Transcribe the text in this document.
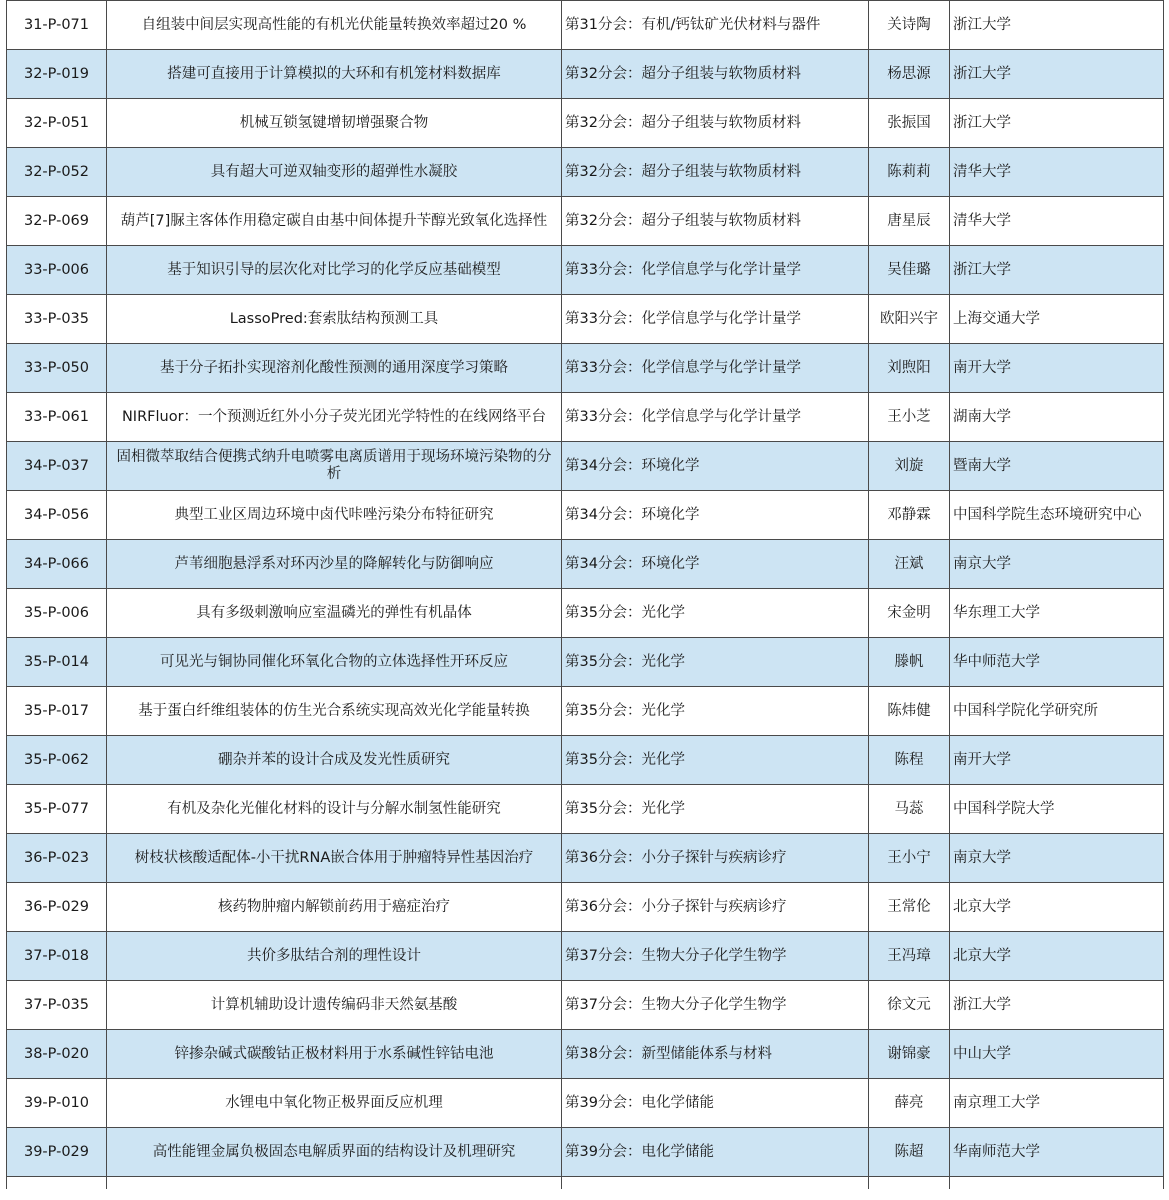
31-P-071	自组装中间层实现高性能的有机光伏能量转换效率超过20 %	第31分会：有机/钙钛矿光伏材料与器件	关诗陶	浙江大学
32-P-019	搭建可直接用于计算模拟的大环和有机笼材料数据库	第32分会：超分子组装与软物质材料	杨思源	浙江大学
32-P-051	机械互锁氢键增韧增强聚合物	第32分会：超分子组装与软物质材料	张振国	浙江大学
32-P-052	具有超大可逆双轴变形的超弹性水凝胶	第32分会：超分子组装与软物质材料	陈莉莉	清华大学
32-P-069	葫芦[7]脲主客体作用稳定碳自由基中间体提升苄醇光致氧化选择性	第32分会：超分子组装与软物质材料	唐星辰	清华大学
33-P-006	基于知识引导的层次化对比学习的化学反应基础模型	第33分会：化学信息学与化学计量学	吴佳璐	浙江大学
33-P-035	LassoPred:套索肽结构预测工具	第33分会：化学信息学与化学计量学	欧阳兴宇	上海交通大学
33-P-050	基于分子拓扑实现溶剂化酸性预测的通用深度学习策略	第33分会：化学信息学与化学计量学	刘煦阳	南开大学
33-P-061	NIRFluor：一个预测近红外小分子荧光团光学特性的在线网络平台	第33分会：化学信息学与化学计量学	王小芝	湖南大学
34-P-037	固相微萃取结合便携式纳升电喷雾电离质谱用于现场环境污染物的分析	第34分会：环境化学	刘旋	暨南大学
34-P-056	典型工业区周边环境中卤代咔唑污染分布特征研究	第34分会：环境化学	邓静霖	中国科学院生态环境研究中心
34-P-066	芦苇细胞悬浮系对环丙沙星的降解转化与防御响应	第34分会：环境化学	汪斌	南京大学
35-P-006	具有多级刺激响应室温磷光的弹性有机晶体	第35分会：光化学	宋金明	华东理工大学
35-P-014	可见光与铜协同催化环氧化合物的立体选择性开环反应	第35分会：光化学	滕帆	华中师范大学
35-P-017	基于蛋白纤维组装体的仿生光合系统实现高效光化学能量转换	第35分会：光化学	陈炜健	中国科学院化学研究所
35-P-062	硼杂并苯的设计合成及发光性质研究	第35分会：光化学	陈程	南开大学
35-P-077	有机及杂化光催化材料的设计与分解水制氢性能研究	第35分会：光化学	马蕊	中国科学院大学
36-P-023	树枝状核酸适配体-小干扰RNA嵌合体用于肿瘤特异性基因治疗	第36分会：小分子探针与疾病诊疗	王小宁	南京大学
36-P-029	核药物肿瘤内解锁前药用于癌症治疗	第36分会：小分子探针与疾病诊疗	王常伦	北京大学
37-P-018	共价多肽结合剂的理性设计	第37分会：生物大分子化学生物学	王冯璋	北京大学
37-P-035	计算机辅助设计遗传编码非天然氨基酸	第37分会：生物大分子化学生物学	徐文元	浙江大学
38-P-020	锌掺杂碱式碳酸钴正极材料用于水系碱性锌钴电池	第38分会：新型储能体系与材料	谢锦豪	中山大学
39-P-010	水锂电中氧化物正极界面反应机理	第39分会：电化学储能	薛亮	南京理工大学
39-P-029	高性能锂金属负极固态电解质界面的结构设计及机理研究	第39分会：电化学储能	陈超	华南师范大学
